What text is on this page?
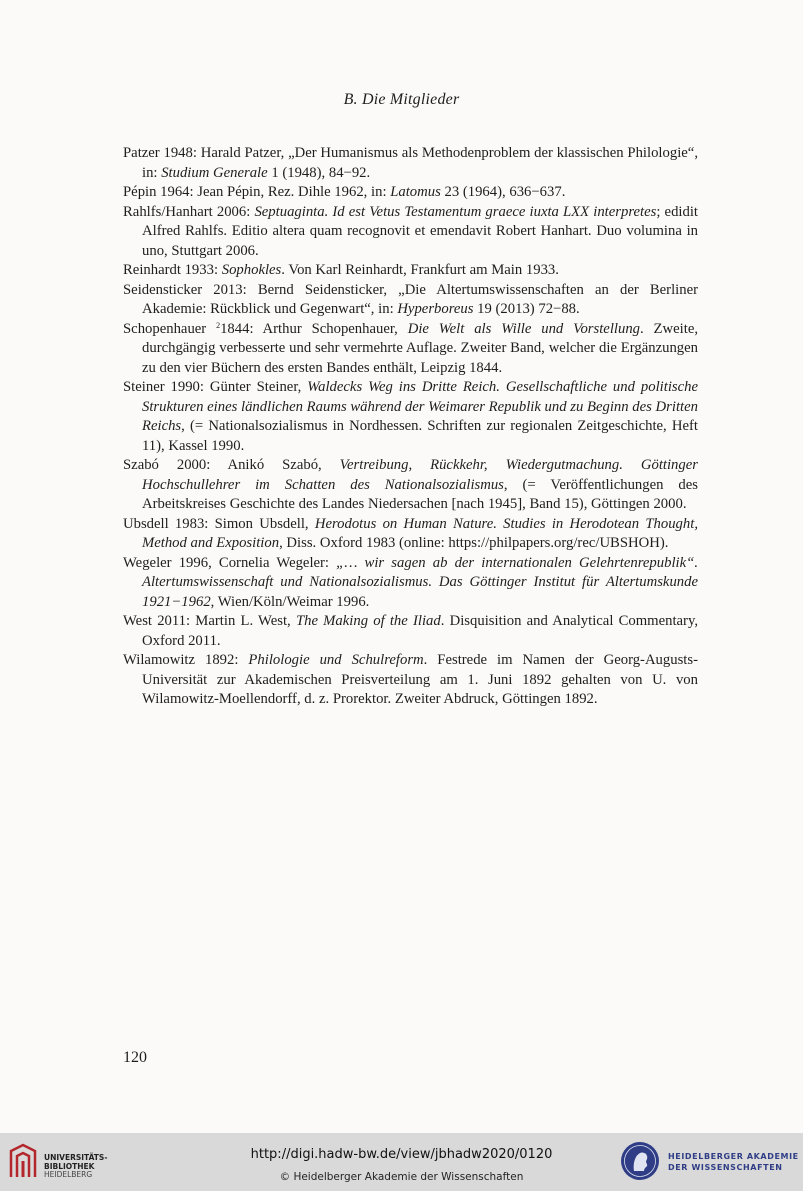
B. Die Mitglieder

Patzer 1948: Harald Patzer, „Der Humanismus als Methodenproblem der klassischen Philologie“, in: Studium Generale 1 (1948), 84−92.

Pépin 1964: Jean Pépin, Rez. Dihle 1962, in: Latomus 23 (1964), 636−637.

Rahlfs/Hanhart 2006: Septuaginta. Id est Vetus Testamentum graece iuxta LXX interpretes; edidit Alfred Rahlfs. Editio altera quam recognovit et emendavit Robert Hanhart. Duo volumina in uno, Stuttgart 2006.

Reinhardt 1933: Sophokles. Von Karl Reinhardt, Frankfurt am Main 1933.

Seidensticker 2013: Bernd Seidensticker, „Die Altertumswissenschaften an der Berliner Akademie: Rückblick und Gegenwart“, in: Hyperboreus 19 (2013) 72−88.

Schopenhauer $^2$1844: Arthur Schopenhauer, Die Welt als Wille und Vorstellung. Zweite, durchgängig verbesserte und sehr vermehrte Auflage. Zweiter Band, welcher die Ergänzungen zu den vier Büchern des ersten Bandes enthält, Leipzig 1844.

Steiner 1990: Günter Steiner, Waldecks Weg ins Dritte Reich. Gesellschaftliche und politische Strukturen eines ländlichen Raums während der Weimarer Republik und zu Beginn des Dritten Reichs, (= Nationalsozialismus in Nordhessen. Schriften zur regionalen Zeitgeschichte, Heft 11), Kassel 1990.

Szabó 2000: Anikó Szabó, Vertreibung, Rückkehr, Wiedergutmachung. Göttinger Hochschullehrer im Schatten des Nationalsozialismus, (= Veröffentlichungen des Arbeitskreises Geschichte des Landes Niedersachen [nach 1945], Band 15), Göttingen 2000.

Ubsdell 1983: Simon Ubsdell, Herodotus on Human Nature. Studies in Herodotean Thought, Method and Exposition, Diss. Oxford 1983 (online: https://philpapers.org/rec/UBSHOH).

Wegeler 1996, Cornelia Wegeler: „… wir sagen ab der internationalen Gelehrtenrepublik“. Altertumswissenschaft und Nationalsozialismus. Das Göttinger Institut für Altertumskunde 1921−1962, Wien/Köln/Weimar 1996.

West 2011: Martin L. West, The Making of the Iliad. Disquisition and Analytical Commentary, Oxford 2011.

Wilamowitz 1892: Philologie und Schulreform. Festrede im Namen der Georg-Augusts-Universität zur Akademischen Preisverteilung am 1. Juni 1892 gehalten von U. von Wilamowitz-Moellendorff, d. z. Prorektor. Zweiter Abdruck, Göttingen 1892.

120
UNIVERSITÄTS-
BIBLIOTHEK
HEIDELBERG
http://digi.hadw-bw.de/view/jbhadw2020/0120
© Heidelberger Akademie der Wissenschaften
HEIDELBERGER AKADEMIE
DER WISSENSCHAFTEN
